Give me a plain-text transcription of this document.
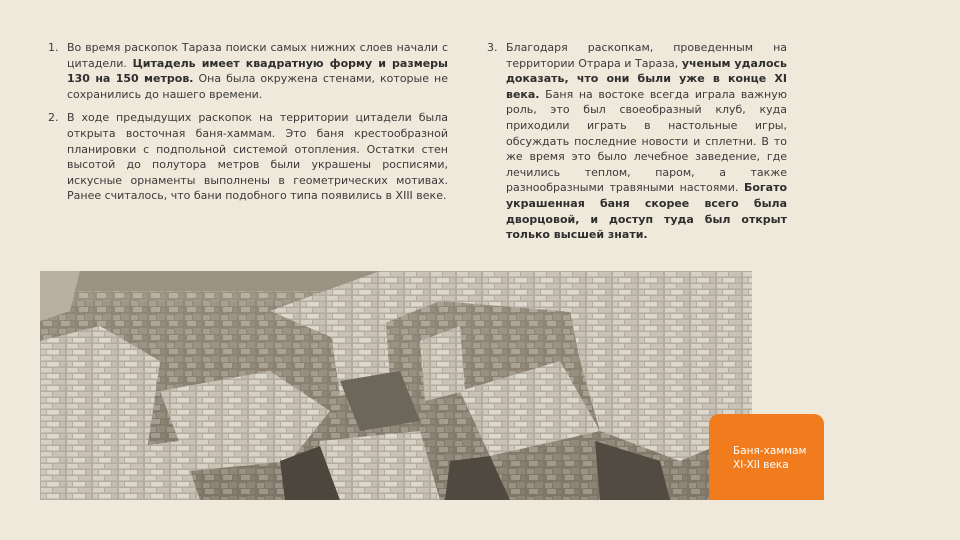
1. Во время раскопок Тараза поиски самых нижних слоев начали с цитадели. Цитадель имеет квадратную форму и размеры 130 на 150 метров. Она была окружена стенами, которые не сохранились до нашего времени.
2. В ходе предыдущих раскопок на территории цитадели была открыта восточная баня-хаммам. Это баня крестообразной планировки с подпольной системой отопления. Остатки стен высотой до полутора метров были украшены росписями, искусные орнаменты выполнены в геометрических мотивах. Ранее считалось, что бани подобного типа появились в XIII веке.
3. Благодаря раскопкам, проведенным на территории Отрара и Тараза, ученым удалось доказать, что они были уже в конце XI века. Баня на востоке всегда играла важную роль, это был своеобразный клуб, куда приходили играть в настольные игры, обсуждать последние новости и сплетни. В то же время это было лечебное заведение, где лечились теплом, паром, а также разнообразными травяными настоями. Богато украшенная баня скорее всего была дворцовой, и доступ туда был открыт только высшей знати.
Баня-хаммам
XI-XII века
